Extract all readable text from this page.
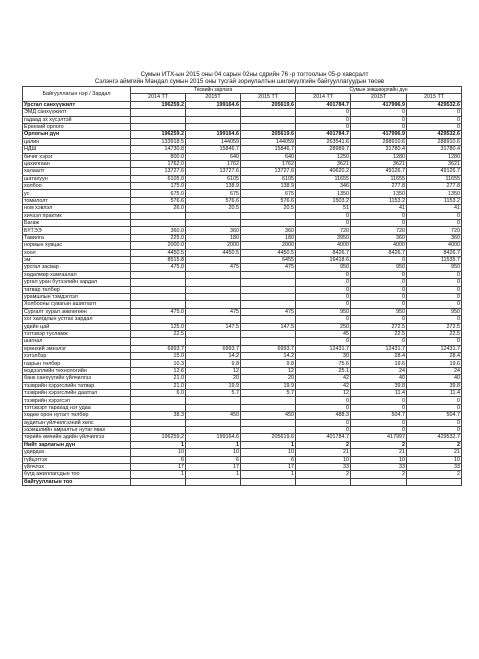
Сумын ИТХ-ын 2015 оны 04 сарын 02ны сдрийн 76 -р тогтоолын 05-р хавсралт
Сэлэнгэ аймгийн Мандал сумын 2015 оны тусгай зориулалтын шилжүүлгийн байгууллагуудын төсөв
Байгууллагын нэр / Зардал	Төсвийн зарлага			Сумын зөвшөөрлийн дүн		
	2014 ТТ	2015Т	2015 ТТ	2014 ТТ	2015Т	2015 ТТ
Урсгал санхүүжилт	196259.2	199164.6	205619.6	401784.7	417996.9	429532.6
ЭМД санхүүжилт				0	0	0
гадаад зх хүсэлтэй				0	0	0
Ёрөнхий орлого				0	0	0
Орлогын дүн	196259.2	199164.6	205619.6	401784.7	417996.9	429532.6
цалин	133918.5	144059	144059	263541.6	288910.6	288910.6
НДШ	14730.8	15846.7	15846.7	28989.7	31780.4	31780.4
бичиг хэрэг	800.0	640	640	1250	1280	1280
цахилгаан	1762.0	1762	1762	3621	3621	3621
халаалт	13727.6	13727.6	13727.6	40620.2	49126.7	49126.7
шатахуун	6105.0	6105	6105	11655	11655	11655
холбоо	175.0	138.9	138.9	346	277.8	277.8
ус	675.0	675	675	1350	1350	1350
томилолт	576.6	576.6	576.6	1503.2	1153.2	1153.2
ном хэвлэл	26.0	20.5	20.5	51	41	41
хичээл практик				0	0	0
Багаж				0	0	0
БҮТЭЭ	360.0	360	360	720	720	720
Тавилга	225.0	180	180	3950	360	360
нормын хувцас	2000.0	2000	2000	4000	4000	4000
хоол	4450.5	4450.5	4450.5	8426.7	8426.7	8426.7
эм	8515.8		6455	16418.6	0	11535.7
урсгал засвар	475.0	475	475	950	950	950
хөдөлмөр хамгаалал				0	0	0
ургал уран бүтээлийн зардал				0	0	0
татвар төлбөр				0	0	0
урамшлын тэмдэглэл				0	0	0
Холбооны сувагын ашиглалт				0	0	0
Сургалт хурал зөвлөгөөн	475.0	475	475	950	950	950
хог хаягдлын устгах зардал				0	0	0
удийн цай	125.0	147.5	147.5	250	272.5	272.5
тэтгэвэр тусламж	22.5			45	22.5	22.5
шагнал				0	0	0
ерөнхий эмнэлэг	6993.7	6993.7	6993.7	12431.7	12431.7	12431.7
хэтэлбэр	15.0	14.2	14.2	30	28.4	28.4
газрын төлбөр	10.3	9.8	9.8	75.6	19.6	19.6
мэдээллийн технологийн	12.6	12	12	25.1	24	24
банк санхүүгийн үйлчилгээ	21.0	20	20	42	40	40
тээврийн хэрэгслийн татвар	21.0	19.9	19.9	42	39.8	39.8
тээврийн хэрэгслийн даатгал	6.0	5.7	5.7	12	11.4	11.4
тээврийн хэрэгсэл				0	0	0
тэтгэвэрт гарахад нэг удаа				0	0	0
хөдөө орон нутагт төлбөр	38.3	450	450	488.3	504.7	504.7
аудитын үйлчилгээний хөлс				0	0	0
эзэмшлийн амралтыг нутаг явах				0	0	0
төрийн өмчийн эдийн үйлчилгээ	196259.2	199164.6	205619.6	401784.7	417997	429532.7
Нийт зарлагын дүн	1	1	1	2	2	2
удирдах	10	10	10	21	21	21
гүйцэтгэх	6	6	6	10	10	10
үйлчлэх	17	17	17	33	33	33
бүгд ажиллагсдын тоо	1	1	1	2	2	2
байгууллагын тоо						
